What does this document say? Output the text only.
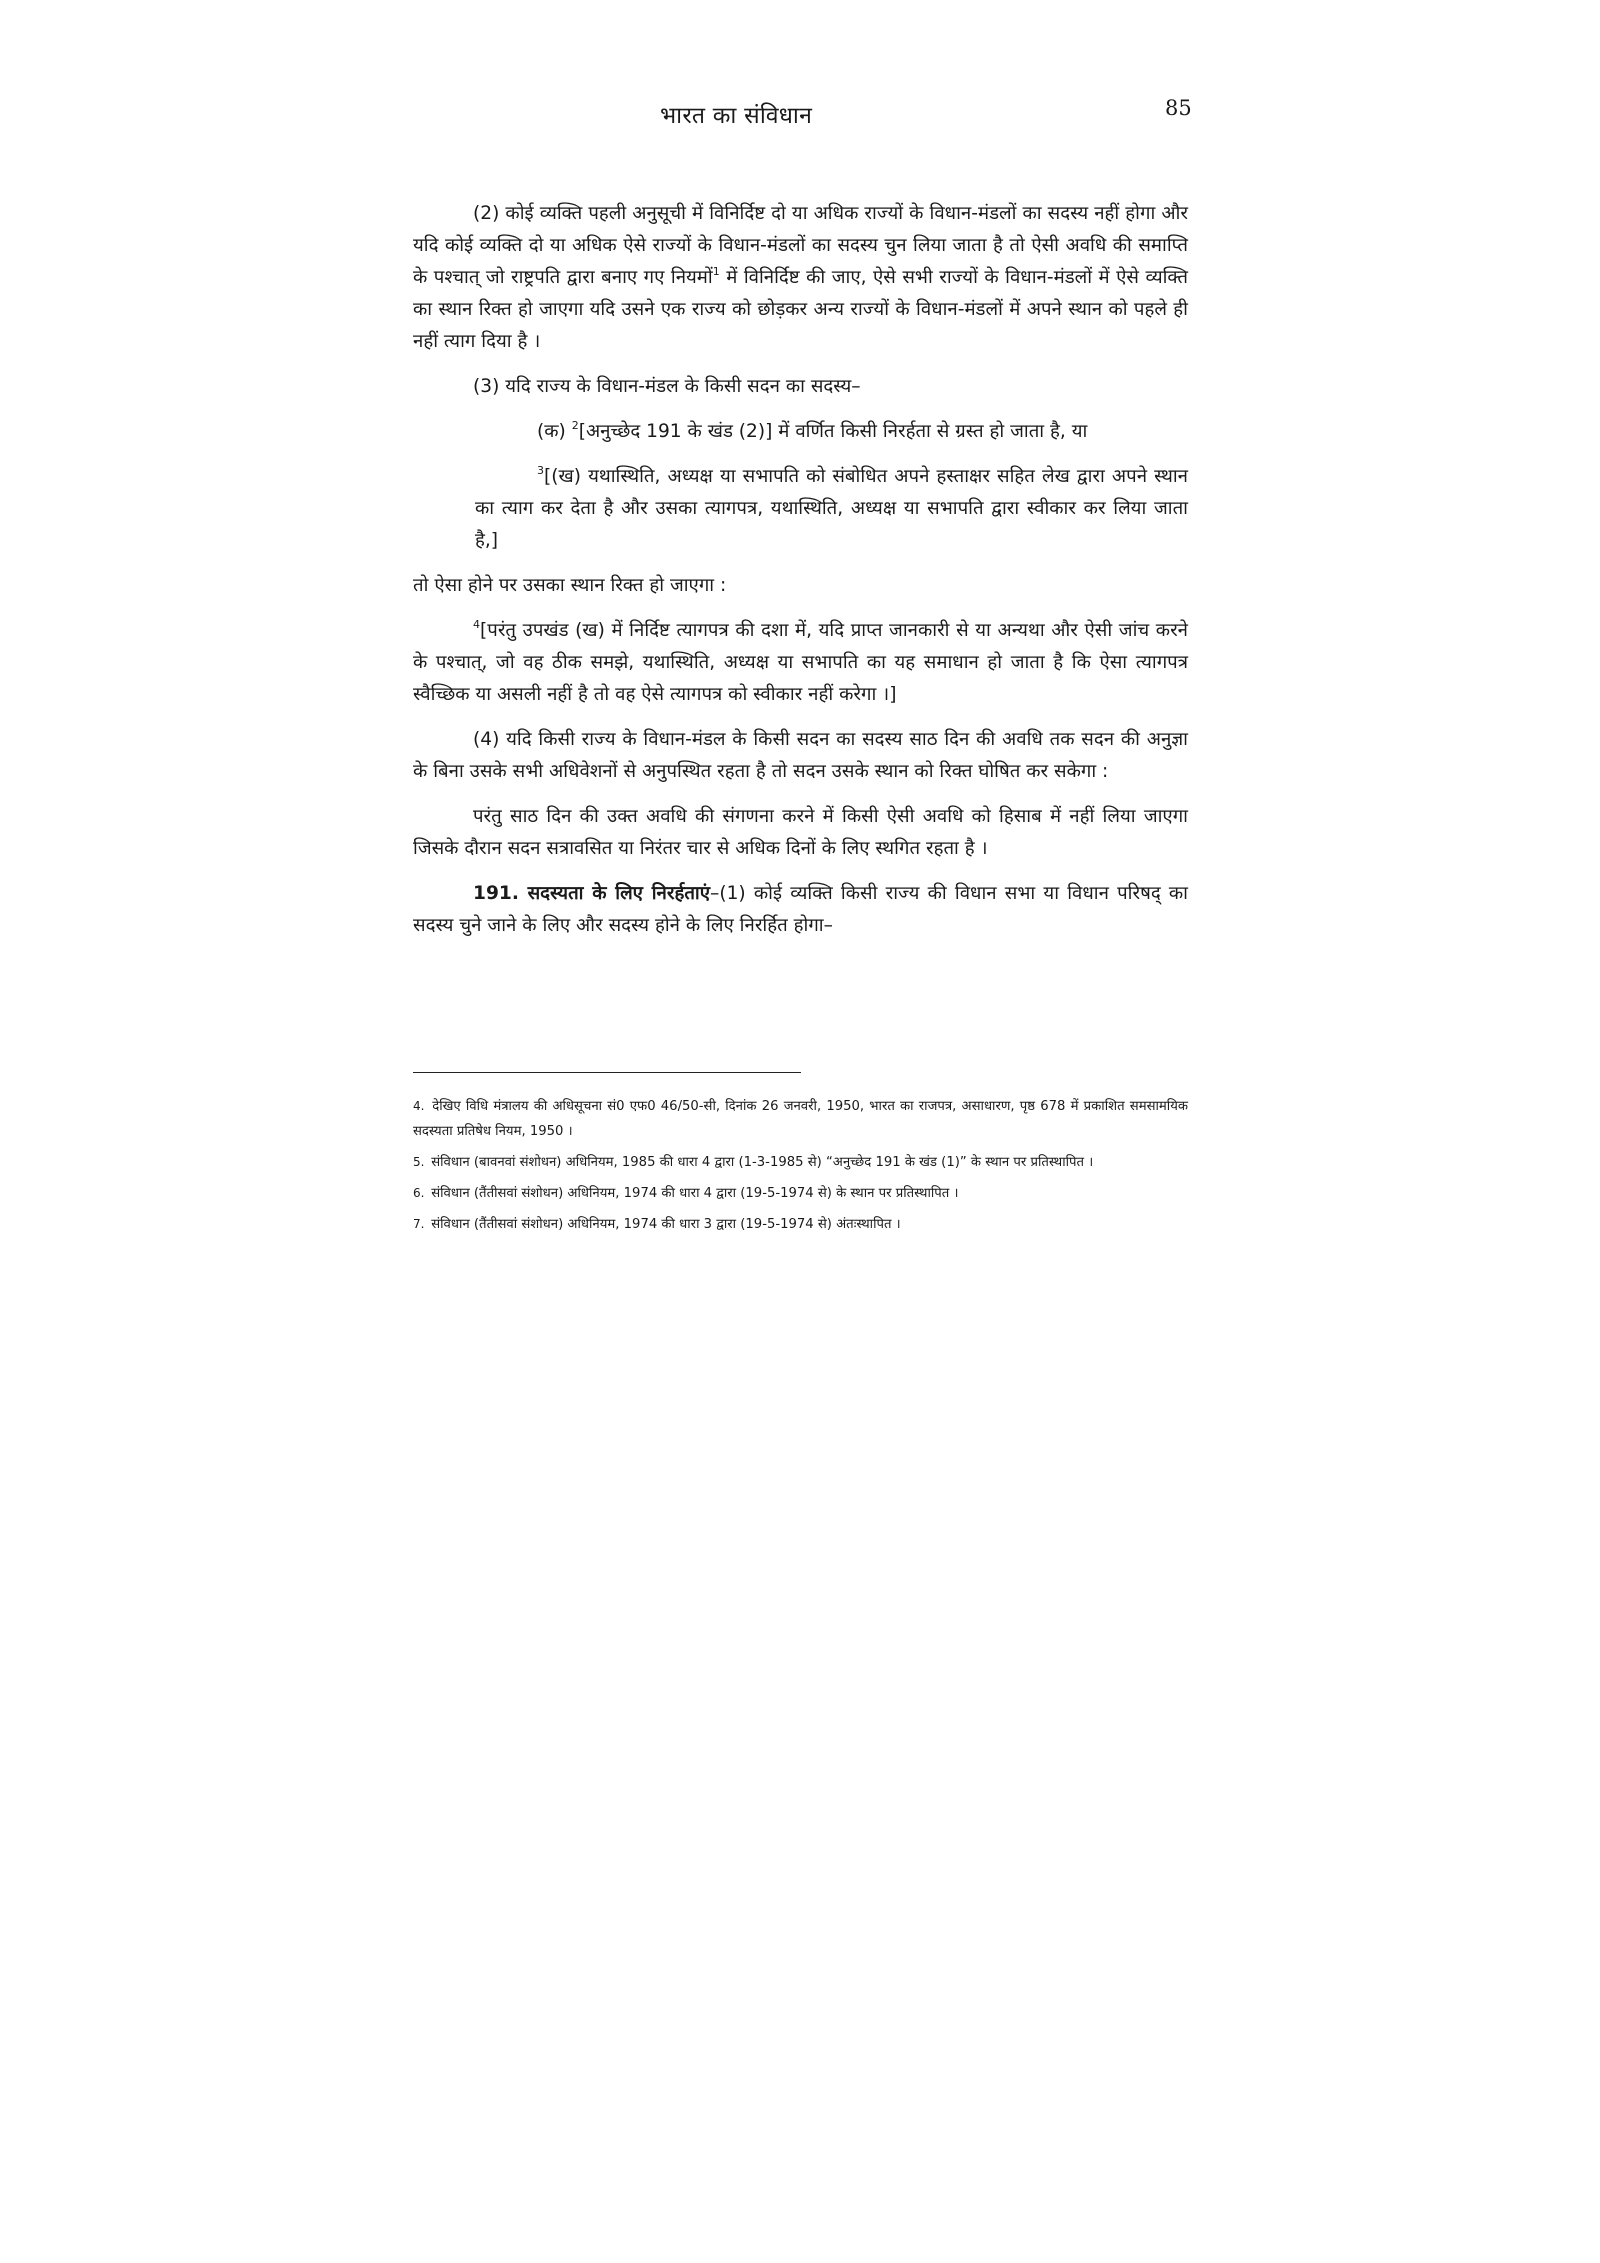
भारत का संविधान	85

(2) कोई व्यक्ति पहली अनुसूची में विनिर्दिष्ट दो या अधिक राज्यों के विधान-मंडलों का सदस्य नहीं होगा और यदि कोई व्यक्ति दो या अधिक ऐसे राज्यों के विधान-मंडलों का सदस्य चुन लिया जाता है तो ऐसी अवधि की समाप्ति के पश्चात् जो राष्ट्रपति द्वारा बनाए गए नियमों$^1$ में विनिर्दिष्ट की जाए, ऐसे सभी राज्यों के विधान-मंडलों में ऐसे व्यक्ति का स्थान रिक्त हो जाएगा यदि उसने एक राज्य को छोड़कर अन्य राज्यों के विधान-मंडलों में अपने स्थान को पहले ही नहीं त्याग दिया है ।

(3) यदि राज्य के विधान-मंडल के किसी सदन का सदस्य–

(क) $^2$[अनुच्छेद 191 के खंड (2)] में वर्णित किसी निरर्हता से ग्रस्त हो जाता है, या

$^3$[(ख) यथास्थिति, अध्यक्ष या सभापति को संबोधित अपने हस्ताक्षर सहित लेख द्वारा अपने स्थान का त्याग कर देता है और उसका त्यागपत्र, यथास्थिति, अध्यक्ष या सभापति द्वारा स्वीकार कर लिया जाता है,]

तो ऐसा होने पर उसका स्थान रिक्त हो जाएगा :

$^4$[परंतु उपखंड (ख) में निर्दिष्ट त्यागपत्र की दशा में, यदि प्राप्त जानकारी से या अन्यथा और ऐसी जांच करने के पश्चात्, जो वह ठीक समझे, यथास्थिति, अध्यक्ष या सभापति का यह समाधान हो जाता है कि ऐसा त्यागपत्र स्वैच्छिक या असली नहीं है तो वह ऐसे त्यागपत्र को स्वीकार नहीं करेगा ।]

(4) यदि किसी राज्य के विधान-मंडल के किसी सदन का सदस्य साठ दिन की अवधि तक सदन की अनुज्ञा के बिना उसके सभी अधिवेशनों से अनुपस्थित रहता है तो सदन उसके स्थान को रिक्त घोषित कर सकेगा :

परंतु साठ दिन की उक्त अवधि की संगणना करने में किसी ऐसी अवधि को हिसाब में नहीं लिया जाएगा जिसके दौरान सदन सत्रावसित या निरंतर चार से अधिक दिनों के लिए स्थगित रहता है ।

191. सदस्यता के लिए निरर्हताएं–(1) कोई व्यक्ति किसी राज्य की विधान सभा या विधान परिषद् का सदस्य चुने जाने के लिए और सदस्य होने के लिए निरर्हित होगा–

4. देखिए विधि मंत्रालय की अधिसूचना सं0 एफ0 46/50-सी, दिनांक 26 जनवरी, 1950, भारत का राजपत्र, असाधारण, पृष्ठ 678 में प्रकाशित समसामयिक सदस्यता प्रतिषेध नियम, 1950 ।

5. संविधान (बावनवां संशोधन) अधिनियम, 1985 की धारा 4 द्वारा (1-3-1985 से) “अनुच्छेद 191 के खंड (1)” के स्थान पर प्रतिस्थापित ।

6. संविधान (तैंतीसवां संशोधन) अधिनियम, 1974 की धारा 4 द्वारा (19-5-1974 से) के स्थान पर प्रतिस्थापित ।

7. संविधान (तैंतीसवां संशोधन) अधिनियम, 1974 की धारा 3 द्वारा (19-5-1974 से) अंतःस्थापित ।
